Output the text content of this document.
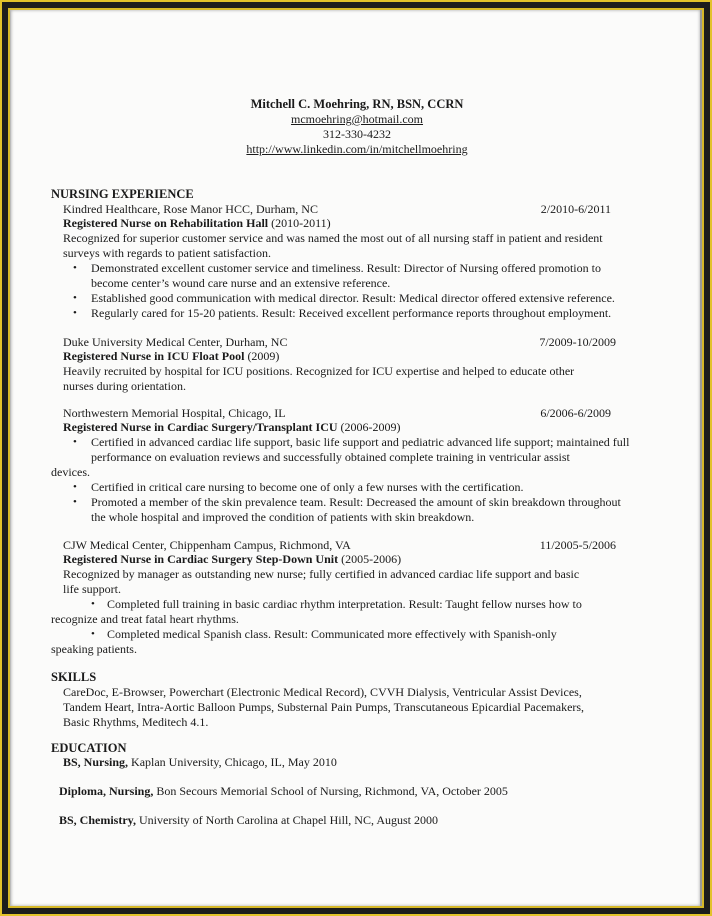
Mitchell C. Moehring, RN, BSN, CCRN
mcmoehring@hotmail.com
312-330-4232
http://www.linkedin.com/in/mitchellmoehring
NURSING EXPERIENCE
Kindred Healthcare, Rose Manor HCC, Durham, NC	2/2010-6/2011
Registered Nurse on Rehabilitation Hall (2010-2011)
Recognized for superior customer service and was named the most out of all nursing staff in patient and resident
surveys with regards to patient satisfaction.
• Demonstrated excellent customer service and timeliness. Result: Director of Nursing offered promotion to
become center’s wound care nurse and an extensive reference.
• Established good communication with medical director. Result: Medical director offered extensive reference.
• Regularly cared for 15-20 patients. Result: Received excellent performance reports throughout employment.
Duke University Medical Center, Durham, NC	7/2009-10/2009
Registered Nurse in ICU Float Pool (2009)
Heavily recruited by hospital for ICU positions. Recognized for ICU expertise and helped to educate other
nurses during orientation.
Northwestern Memorial Hospital, Chicago, IL	6/2006-6/2009
Registered Nurse in Cardiac Surgery/Transplant ICU (2006-2009)
• Certified in advanced cardiac life support, basic life support and pediatric advanced life support; maintained full
performance on evaluation reviews and successfully obtained complete training in ventricular assist
devices.
• Certified in critical care nursing to become one of only a few nurses with the certification.
• Promoted a member of the skin prevalence team. Result: Decreased the amount of skin breakdown throughout
the whole hospital and improved the condition of patients with skin breakdown.
CJW Medical Center, Chippenham Campus, Richmond, VA	11/2005-5/2006
Registered Nurse in Cardiac Surgery Step-Down Unit (2005-2006)
Recognized by manager as outstanding new nurse; fully certified in advanced cardiac life support and basic
life support.
• Completed full training in basic cardiac rhythm interpretation. Result: Taught fellow nurses how to
recognize and treat fatal heart rhythms.
• Completed medical Spanish class. Result: Communicated more effectively with Spanish-only
speaking patients.
SKILLS
CareDoc, E-Browser, Powerchart (Electronic Medical Record), CVVH Dialysis, Ventricular Assist Devices,
Tandem Heart, Intra-Aortic Balloon Pumps, Substernal Pain Pumps, Transcutaneous Epicardial Pacemakers,
Basic Rhythms, Meditech 4.1.
EDUCATION
BS, Nursing, Kaplan University, Chicago, IL, May 2010
Diploma, Nursing, Bon Secours Memorial School of Nursing, Richmond, VA, October 2005
BS, Chemistry, University of North Carolina at Chapel Hill, NC, August 2000
